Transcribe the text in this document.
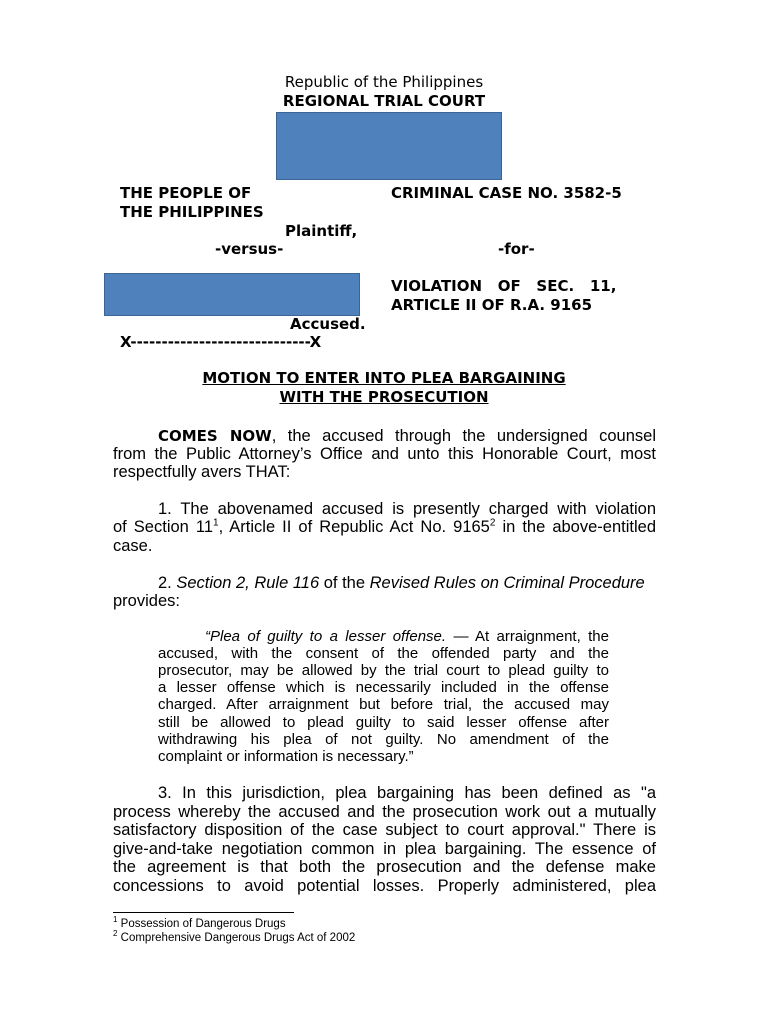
Republic of the Philippines
REGIONAL TRIAL COURT
THE PEOPLE OF
THE PHILIPPINES
Plaintiff,
-versus-
Accused.
X-----------------------------X
CRIMINAL CASE NO. 3582-5
-for-
VIOLATION   OF   SEC.   11,
ARTICLE II OF R.A. 9165
MOTION TO ENTER INTO PLEA BARGAINING
WITH THE PROSECUTION
COMES NOW, the accused through the undersigned counsel
from the Public Attorney’s Office and unto this Honorable Court, most
respectfully avers THAT:
1. The abovenamed accused is presently charged with violation
of Section $11^1$, Article II of Republic Act No. 9165$^2$ in the above-entitled
case.
2. Section 2, Rule 116 of the Revised Rules on Criminal Procedure
provides:
“Plea of guilty to a lesser offense. — At arraignment, the
accused, with the consent of the offended party and the
prosecutor, may be allowed by the trial court to plead guilty to
a lesser offense which is necessarily included in the offense
charged. After arraignment but before trial, the accused may
still be allowed to plead guilty to said lesser offense after
withdrawing his plea of not guilty. No amendment of the
complaint or information is necessary.”
3. In this jurisdiction, plea bargaining has been defined as "a
process whereby the accused and the prosecution work out a mutually
satisfactory disposition of the case subject to court approval." There is
give-and-take negotiation common in plea bargaining. The essence of
the agreement is that both the prosecution and the defense make
concessions to avoid potential losses. Properly administered, plea
$^1$ Possession of Dangerous Drugs
$^2$ Comprehensive Dangerous Drugs Act of 2002
